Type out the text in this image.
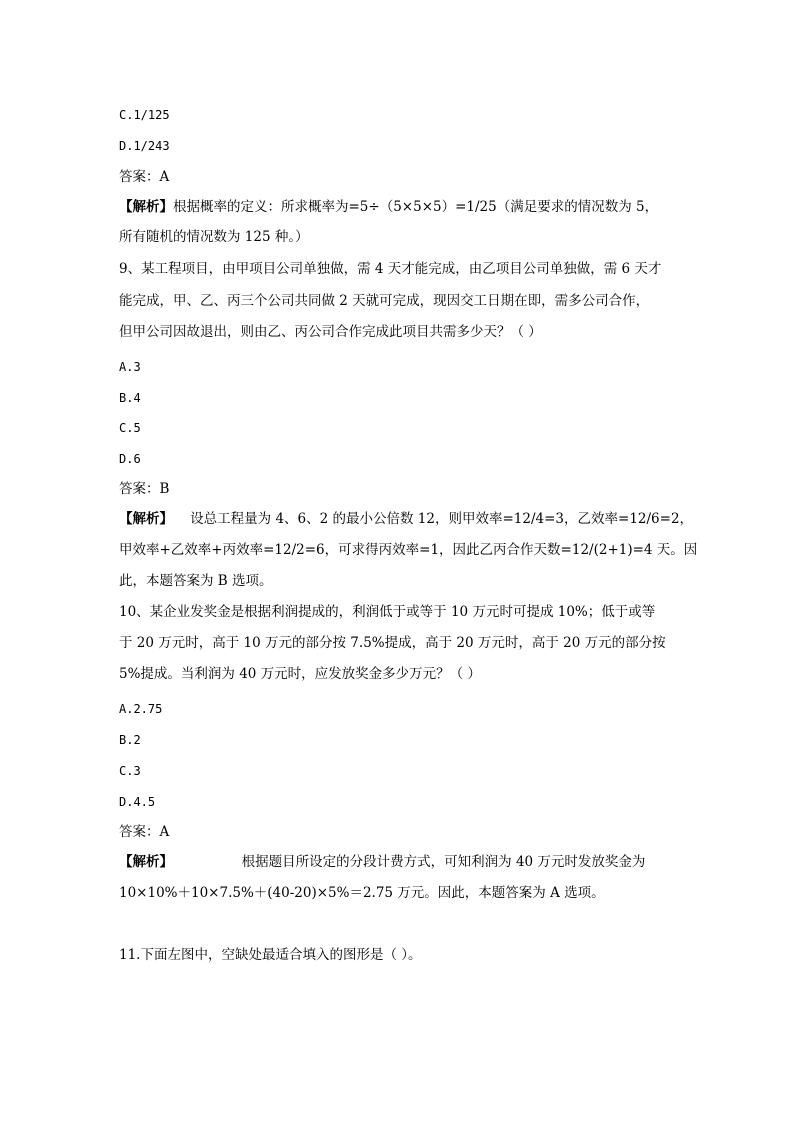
C.1/125
D.1/243
答案：A
【解析】根据概率的定义：所求概率为=5÷（5×5×5）=1/25（满足要求的情况数为 5，
所有随机的情况数为 125 种。）
9、某工程项目，由甲项目公司单独做，需 4 天才能完成，由乙项目公司单独做，需 6 天才
能完成，甲、乙、丙三个公司共同做 2 天就可完成，现因交工日期在即，需多公司合作，
但甲公司因故退出，则由乙、丙公司合作完成此项目共需多少天？（ ）
A.3
B.4
C.5
D.6
答案：B
【解析】    设总工程量为 4、6、2 的最小公倍数 12，则甲效率=12/4=3，乙效率=12/6=2，
甲效率+乙效率+丙效率=12/2=6，可求得丙效率=1，因此乙丙合作天数=12/(2+1)=4 天。因
此，本题答案为 B 选项。
10、某企业发奖金是根据利润提成的，利润低于或等于 10 万元时可提成 10%；低于或等
于 20 万元时，高于 10 万元的部分按 7.5%提成，高于 20 万元时，高于 20 万元的部分按
5%提成。当利润为 40 万元时，应发放奖金多少万元？（ ）
A.2.75
B.2
C.3
D.4.5
答案：A
【解析】                根据题目所设定的分段计费方式，可知利润为 40 万元时发放奖金为
10×10%＋10×7.5%＋(40-20)×5%＝2.75 万元。因此，本题答案为 A 选项。
11.下面左图中，空缺处最适合填入的图形是（ ）。
